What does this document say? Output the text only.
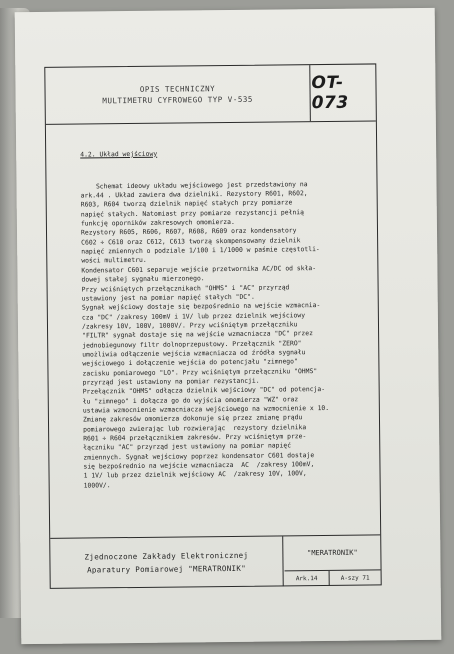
OPIS TECHNICZNY
MULTIMETRU CYFROWEGO TYP V-535
OT-073

4.2. Układ wejściowy

Schemat ideowy układu wejściowego jest przedstawiony na
ark.44 . Układ zawiera dwa dzielniki. Rezystory R601, R602,
R603, R604 tworzą dzielnik napięć stałych przy pomiarze
napięć stałych. Natomiast przy pomiarze rezystancji pełnią
funkcję oporników zakresowych omomierza.
Rezystory R605, R606, R607, R608, R609 oraz kondensatory
C602 ÷ C610 oraz C612, C613 tworzą skompensowany dzielnik
napięć zmiennych o podziale 1/100 i 1/1000 w paśmie częstotli-
wości multimetru.
Kondensator C601 separuje wejście przetwornika AC/DC od skła-
dowej stałej sygnału mierzonego.
Przy wciśniętych przełącznikach "OHMS" i "AC" przyrząd
ustawiony jest na pomiar napięć stałych "DC".
Sygnał wejściowy dostaje się bezpośrednio na wejście wzmacnia-
cza "DC" /zakresy 100mV i 1V/ lub przez dzielnik wejściowy
/zakresy 10V, 100V, 1000V/. Przy wciśniętym przełączniku
"FILTR" sygnał dostaje się na wejście wzmacniacza "DC" przez
jednobiegunowy filtr dolnoprzepustowy. Przełącznik "ZERO"
umożliwia odłączenie wejścia wzmacniacza od źródła sygnału
wejściowego i dołączenie wejścia do potencjału "zimnego"
zacisku pomiarowego "LO". Przy wciśniętym przełączniku "OHMS"
przyrząd jest ustawiony na pomiar rezystancji.
Przełącznik "OHMS" odłącza dzielnik wejściowy "DC" od potencja-
łu "zimnego" i dołącza go do wyjścia omomierza "WZ" oraz
ustawia wzmocnienie wzmacniacza wejściowego na wzmocnienie x 10.
Zmianę zakresów omomierza dokonuje się przez zmianę prądu
pomiarowego zwierając lub rozwierając  rezystory dzielnika
R601 ÷ R604 przełącznikiem zakresów. Przy wciśniętym prze-
łączniku "AC" przyrząd jest ustawiony na pomiar napięć
zmiennych. Sygnał wejściowy poprzez kondensator C601 dostaje
się bezpośrednio na wejście wzmacniacza  AC  /zakresy 100mV,
1 1V/ lub przez dzielnik wejściowy AC  /zakresy 10V, 100V,
1000V/.

Zjednoczone Zakłady Elektronicznej
Aparatury Pomiarowej "MERATRONIK"
"MERATRONIK"
Ark.14	A-szy 71
